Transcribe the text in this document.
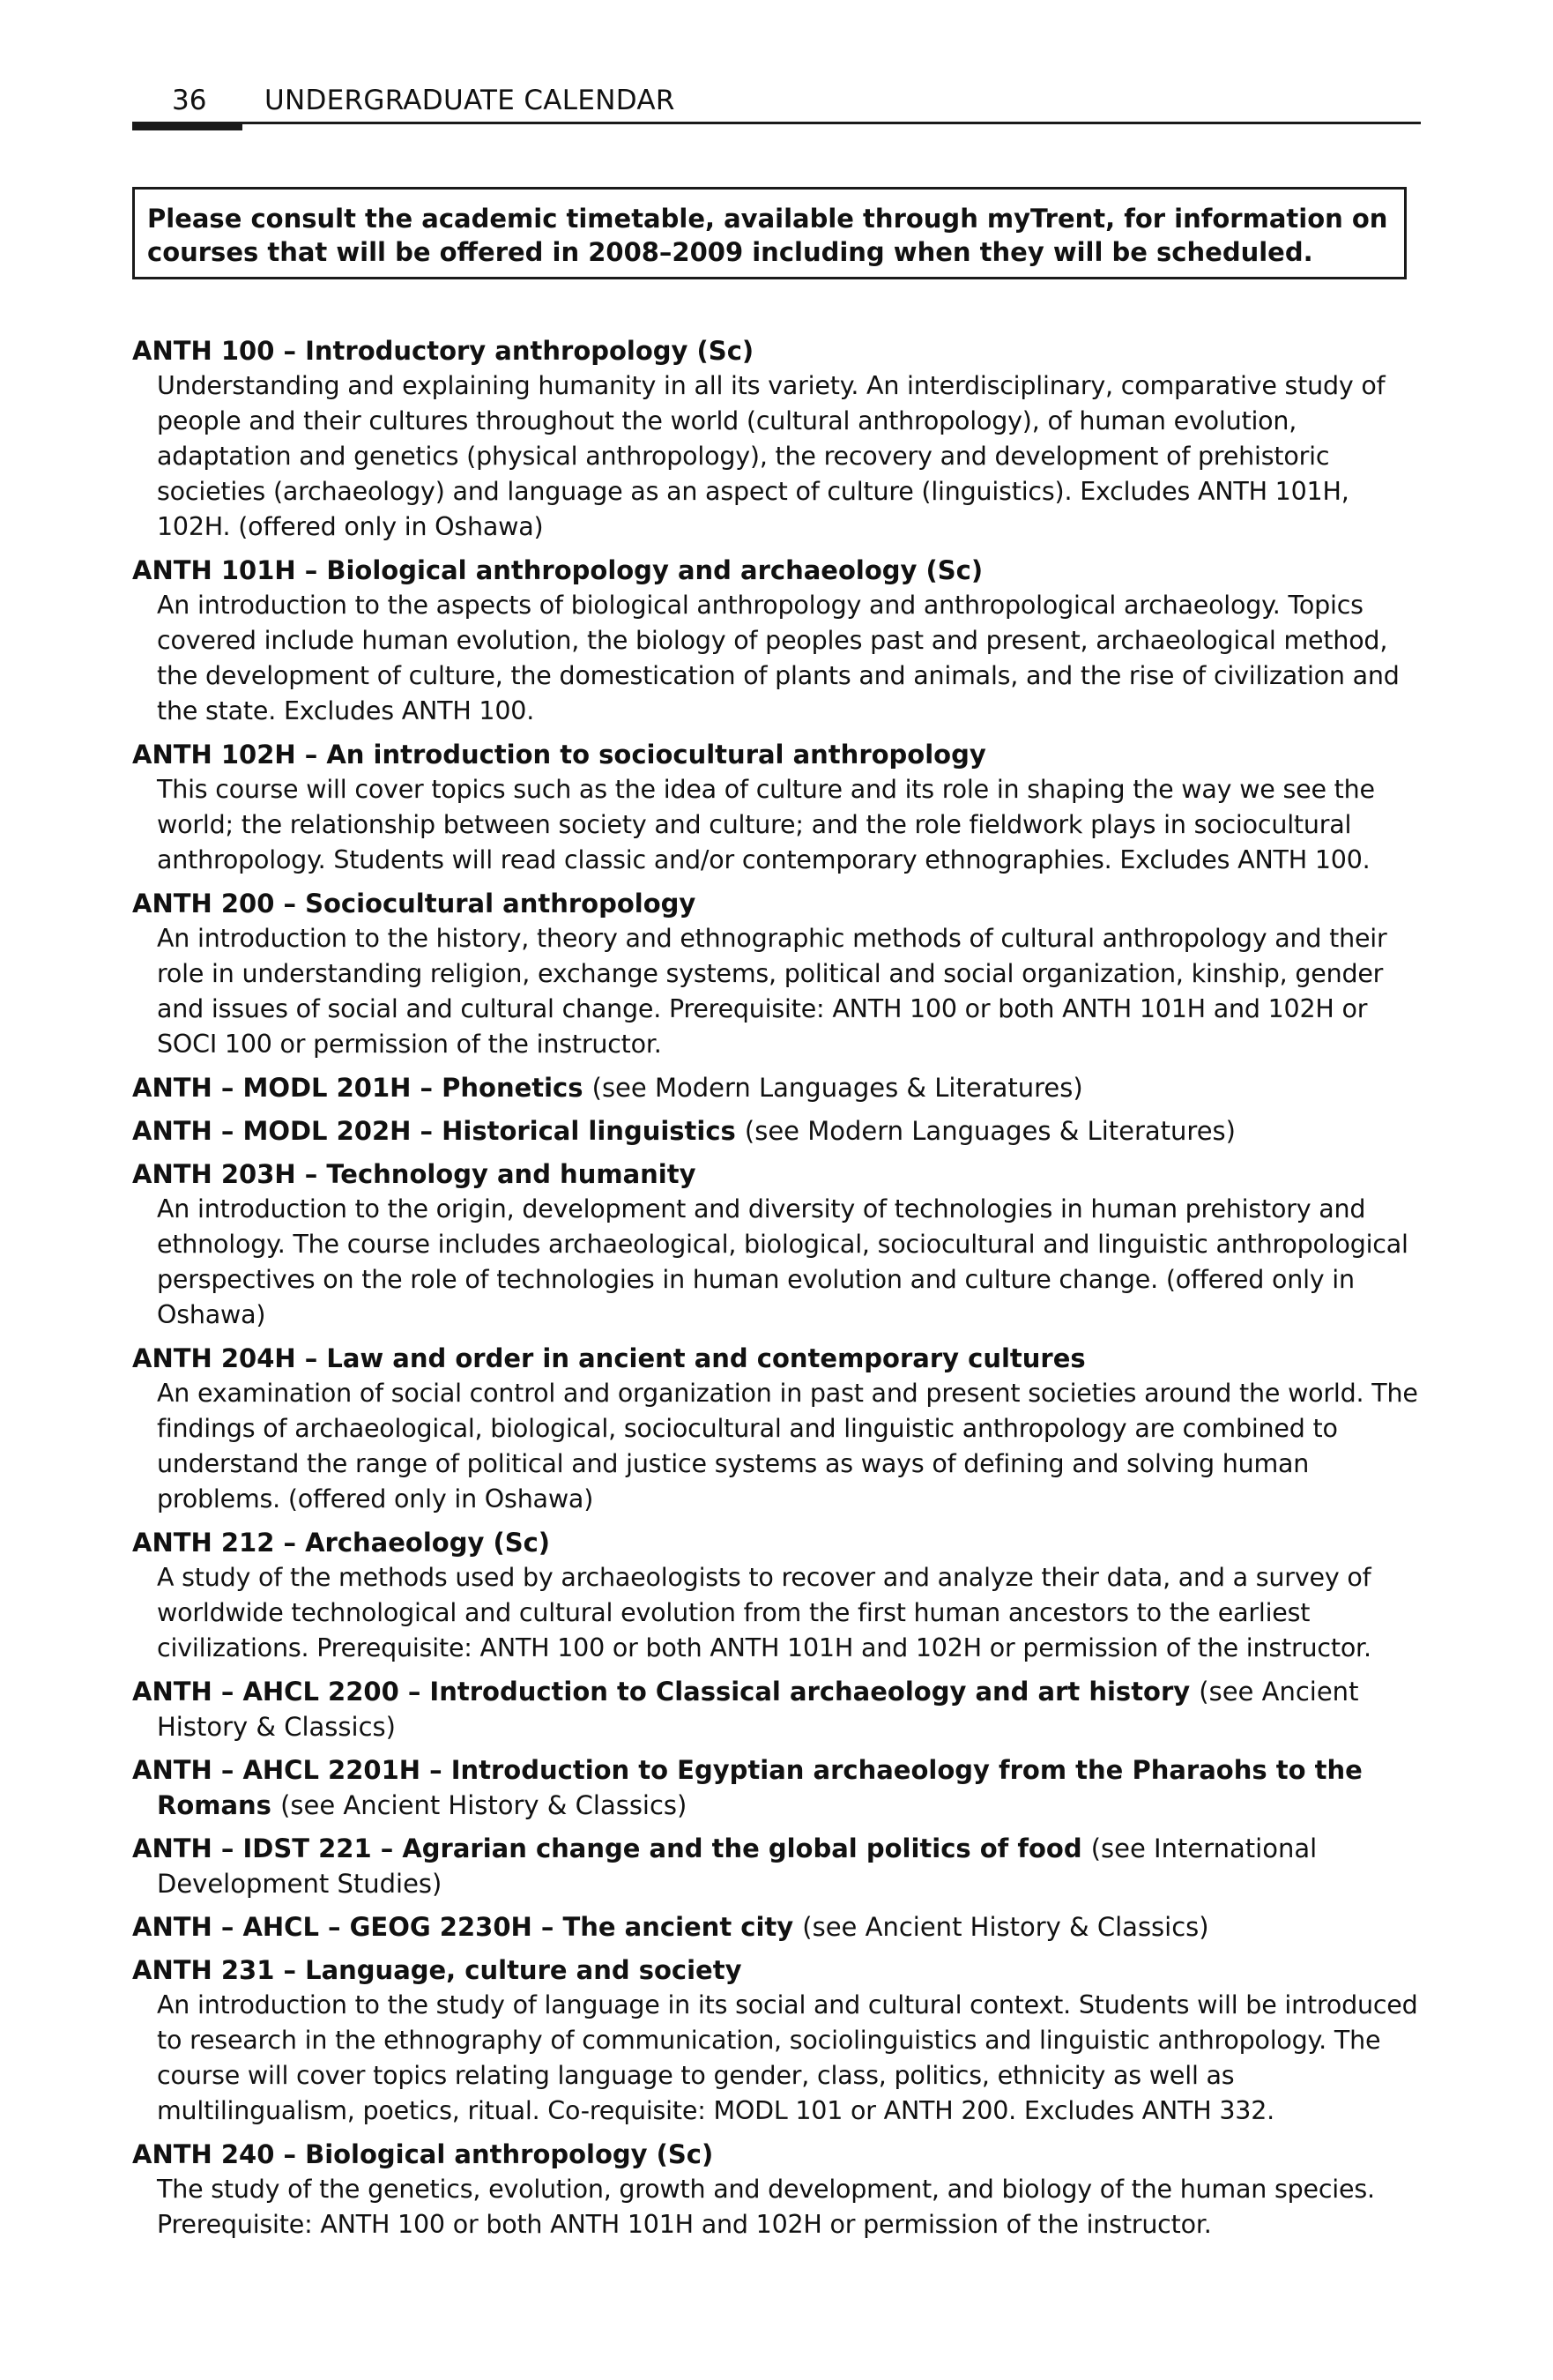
36 UNDERGRADUATE CALENDAR
Please consult the academic timetable, available through myTrent, for information on courses that will be offered in 2008–2009 including when they will be scheduled.
ANTH 100 – Introductory anthropology (Sc)
Understanding and explaining humanity in all its variety. An interdisciplinary, comparative study of people and their cultures throughout the world (cultural anthropology), of human evolution, adaptation and genetics (physical anthropology), the recovery and development of prehistoric societies (archaeology) and language as an aspect of culture (linguistics). Excludes ANTH 101H, 102H. (offered only in Oshawa)
ANTH 101H – Biological anthropology and archaeology (Sc)
An introduction to the aspects of biological anthropology and anthropological archaeology. Topics covered include human evolution, the biology of peoples past and present, archaeological method, the development of culture, the domestication of plants and animals, and the rise of civilization and the state. Excludes ANTH 100.
ANTH 102H – An introduction to sociocultural anthropology
This course will cover topics such as the idea of culture and its role in shaping the way we see the world; the relationship between society and culture; and the role fieldwork plays in sociocultural anthropology. Students will read classic and/or contemporary ethnographies. Excludes ANTH 100.
ANTH 200 – Sociocultural anthropology
An introduction to the history, theory and ethnographic methods of cultural anthropology and their role in understanding religion, exchange systems, political and social organization, kinship, gender and issues of social and cultural change. Prerequisite: ANTH 100 or both ANTH 101H and 102H or SOCI 100 or permission of the instructor.
ANTH – MODL 201H – Phonetics (see Modern Languages & Literatures)
ANTH – MODL 202H – Historical linguistics (see Modern Languages & Literatures)
ANTH 203H – Technology and humanity
An introduction to the origin, development and diversity of technologies in human prehistory and ethnology. The course includes archaeological, biological, sociocultural and linguistic anthropological perspectives on the role of technologies in human evolution and culture change. (offered only in Oshawa)
ANTH 204H – Law and order in ancient and contemporary cultures
An examination of social control and organization in past and present societies around the world. The findings of archaeological, biological, sociocultural and linguistic anthropology are combined to understand the range of political and justice systems as ways of defining and solving human problems. (offered only in Oshawa)
ANTH 212 – Archaeology (Sc)
A study of the methods used by archaeologists to recover and analyze their data, and a survey of worldwide technological and cultural evolution from the first human ancestors to the earliest civilizations. Prerequisite: ANTH 100 or both ANTH 101H and 102H or permission of the instructor.
ANTH – AHCL 2200 – Introduction to Classical archaeology and art history (see Ancient History & Classics)
ANTH – AHCL 2201H – Introduction to Egyptian archaeology from the Pharaohs to the Romans (see Ancient History & Classics)
ANTH – IDST 221 – Agrarian change and the global politics of food (see International Development Studies)
ANTH – AHCL – GEOG 2230H – The ancient city (see Ancient History & Classics)
ANTH 231 – Language, culture and society
An introduction to the study of language in its social and cultural context. Students will be introduced to research in the ethnography of communication, sociolinguistics and linguistic anthropology. The course will cover topics relating language to gender, class, politics, ethnicity as well as multilingualism, poetics, ritual. Co-requisite: MODL 101 or ANTH 200. Excludes ANTH 332.
ANTH 240 – Biological anthropology (Sc)
The study of the genetics, evolution, growth and development, and biology of the human species. Prerequisite: ANTH 100 or both ANTH 101H and 102H or permission of the instructor.
